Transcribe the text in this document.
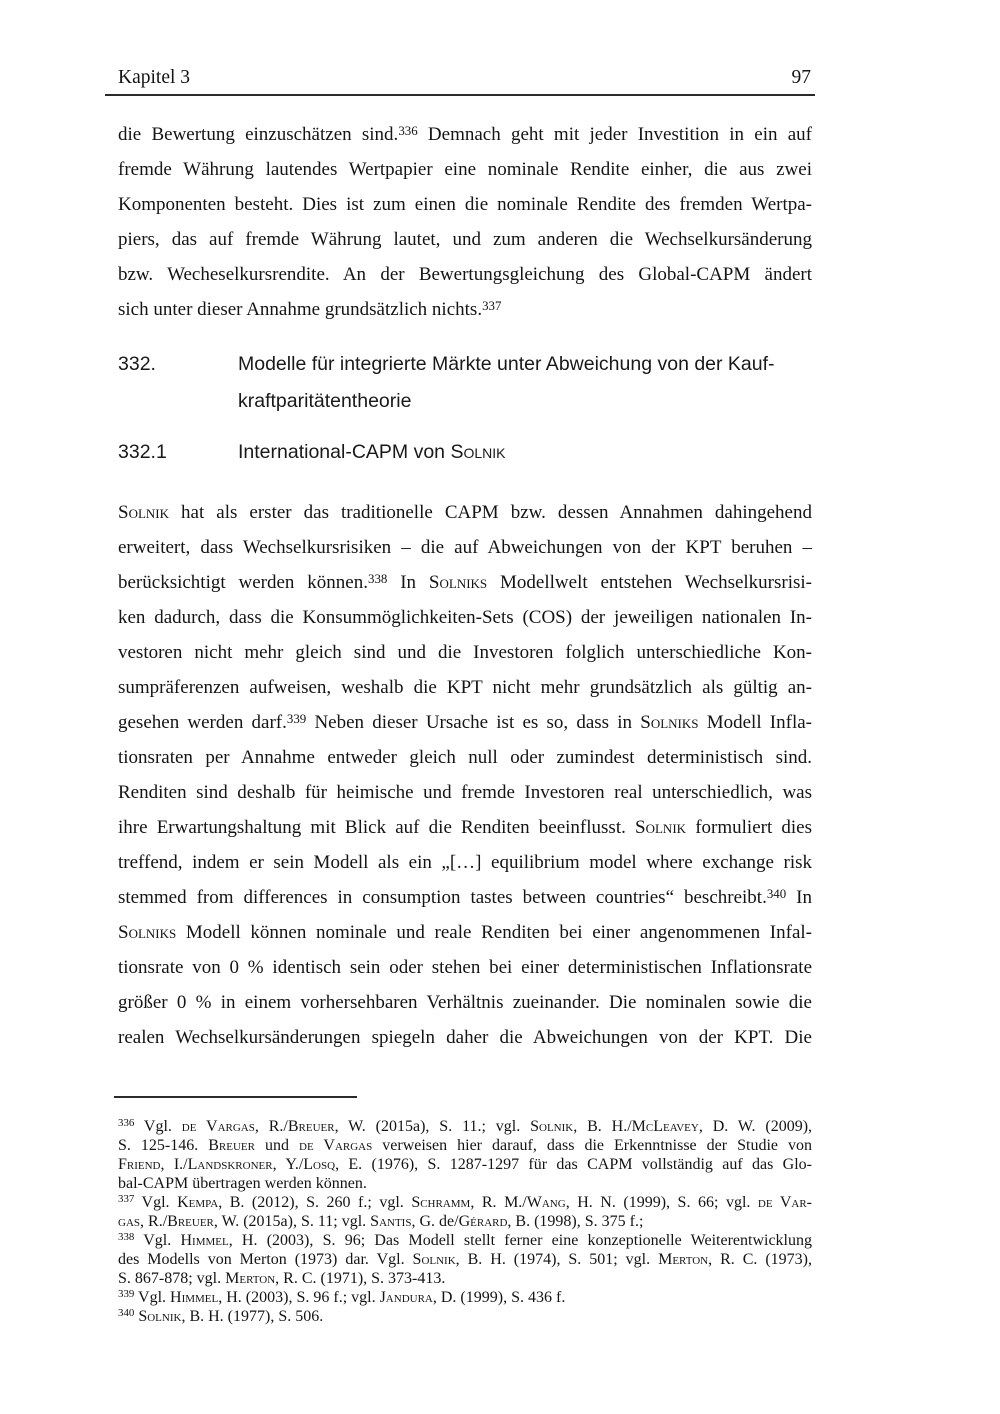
Kapitel 3	97
die Bewertung einzuschätzen sind.$^{336}$ Demnach geht mit jeder Investition in ein auf
fremde Währung lautendes Wertpapier eine nominale Rendite einher, die aus zwei
Komponenten besteht. Dies ist zum einen die nominale Rendite des fremden Wertpa-
piers, das auf fremde Währung lautet, und zum anderen die Wechselkursänderung
bzw. Wecheselkursrendite. An der Bewertungsgleichung des Global-CAPM ändert
sich unter dieser Annahme grundsätzlich nichts.$^{337}$
332.	Modelle für integrierte Märkte unter Abweichung von der Kauf-
kraftparitätentheorie
332.1	International-CAPM von Solnik
Solnik hat als erster das traditionelle CAPM bzw. dessen Annahmen dahingehend
erweitert, dass Wechselkursrisiken – die auf Abweichungen von der KPT beruhen –
berücksichtigt werden können.$^{338}$ In Solniks Modellwelt entstehen Wechselkursrisi-
ken dadurch, dass die Konsummöglichkeiten-Sets (COS) der jeweiligen nationalen In-
vestoren nicht mehr gleich sind und die Investoren folglich unterschiedliche Kon-
sumpräferenzen aufweisen, weshalb die KPT nicht mehr grundsätzlich als gültig an-
gesehen werden darf.$^{339}$ Neben dieser Ursache ist es so, dass in Solniks Modell Infla-
tionsraten per Annahme entweder gleich null oder zumindest deterministisch sind.
Renditen sind deshalb für heimische und fremde Investoren real unterschiedlich, was
ihre Erwartungshaltung mit Blick auf die Renditen beeinflusst. Solnik formuliert dies
treffend, indem er sein Modell als ein „[…] equilibrium model where exchange risk
stemmed from differences in consumption tastes between countries“ beschreibt.$^{340}$ In
Solniks Modell können nominale und reale Renditen bei einer angenommenen Infal-
tionsrate von 0 % identisch sein oder stehen bei einer deterministischen Inflationsrate
größer 0 % in einem vorhersehbaren Verhältnis zueinander. Die nominalen sowie die
realen Wechselkursänderungen spiegeln daher die Abweichungen von der KPT. Die
$^{336}$ Vgl. de Vargas, R./Breuer, W. (2015a), S. 11.; vgl. Solnik, B. H./McLeavey, D. W. (2009),
S. 125-146. Breuer und de Vargas verweisen hier darauf, dass die Erkenntnisse der Studie von
Friend, I./Landskroner, Y./Losq, E. (1976), S. 1287-1297 für das CAPM vollständig auf das Glo-
bal-CAPM übertragen werden können.
$^{337}$ Vgl. Kempa, B. (2012), S. 260 f.; vgl. Schramm, R. M./Wang, H. N. (1999), S. 66; vgl. de Var-
gas, R./Breuer, W. (2015a), S. 11; vgl. Santis, G. de/Gérard, B. (1998), S. 375 f.;
$^{338}$ Vgl. Himmel, H. (2003), S. 96; Das Modell stellt ferner eine konzeptionelle Weiterentwicklung
des Modells von Merton (1973) dar. Vgl. Solnik, B. H. (1974), S. 501; vgl. Merton, R. C. (1973),
S. 867-878; vgl. Merton, R. C. (1971), S. 373-413.
$^{339}$ Vgl. Himmel, H. (2003), S. 96 f.; vgl. Jandura, D. (1999), S. 436 f.
$^{340}$ Solnik, B. H. (1977), S. 506.
